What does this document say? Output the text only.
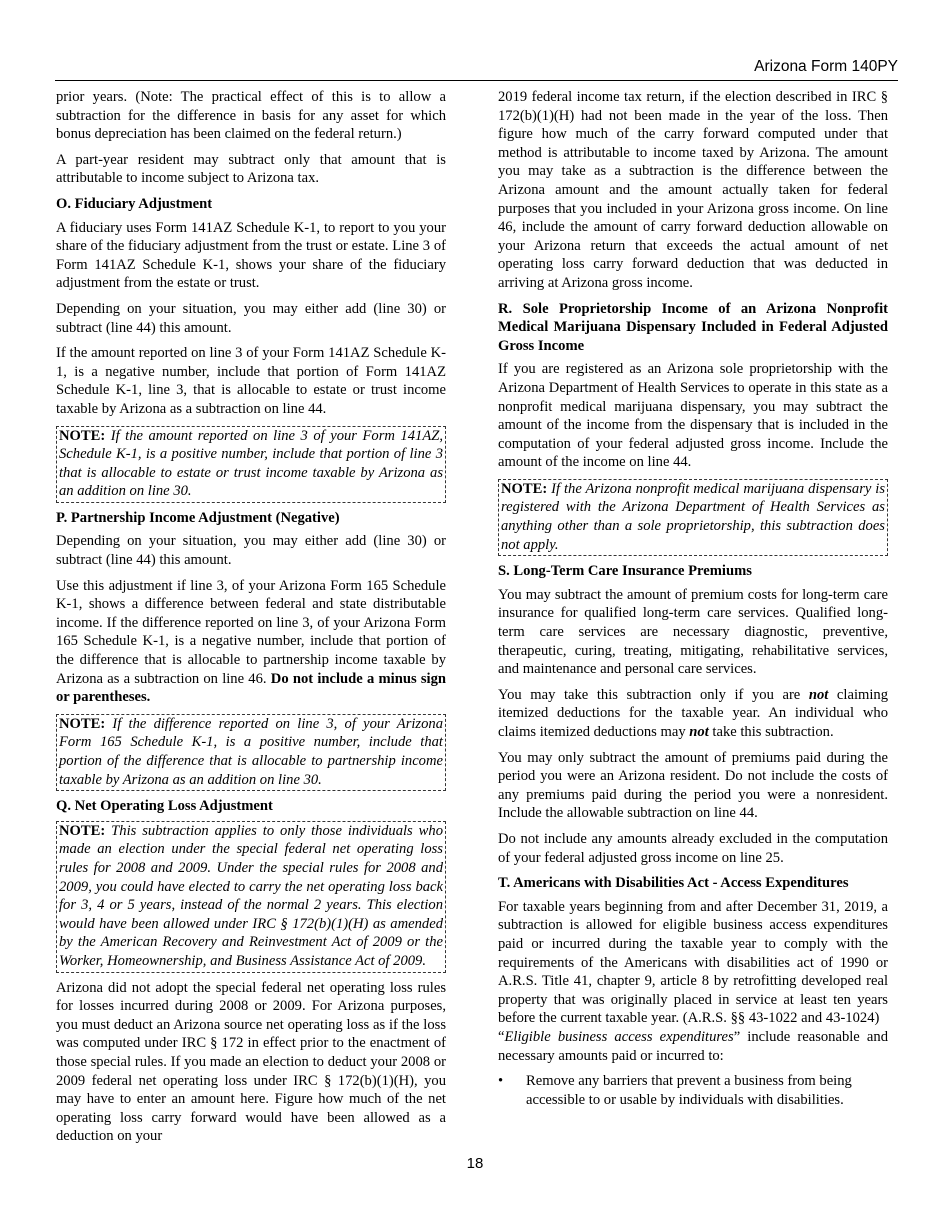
Arizona Form 140PY

prior years. (Note: The practical effect of this is to allow a subtraction for the difference in basis for any asset for which bonus depreciation has been claimed on the federal return.)

A part-year resident may subtract only that amount that is attributable to income subject to Arizona tax.

O. Fiduciary Adjustment

A fiduciary uses Form 141AZ Schedule K-1, to report to you your share of the fiduciary adjustment from the trust or estate. Line 3 of Form 141AZ Schedule K-1, shows your share of the fiduciary adjustment from the estate or trust.

Depending on your situation, you may either add (line 30) or subtract (line 44) this amount.

If the amount reported on line 3 of your Form 141AZ Schedule K-1, is a negative number, include that portion of Form 141AZ Schedule K-1, line 3, that is allocable to estate or trust income taxable by Arizona as a subtraction on line 44.

NOTE: If the amount reported on line 3 of your Form 141AZ, Schedule K-1, is a positive number, include that portion of line 3 that is allocable to estate or trust income taxable by Arizona as an addition on line 30.
P. Partnership Income Adjustment (Negative)

Depending on your situation, you may either add (line 30) or subtract (line 44) this amount.

Use this adjustment if line 3, of your Arizona Form 165 Schedule K-1, shows a difference between federal and state distributable income. If the difference reported on line 3, of your Arizona Form 165 Schedule K-1, is a negative number, include that portion of the difference that is allocable to partnership income taxable by Arizona as a subtraction on line 46. Do not include a minus sign or parentheses.

NOTE: If the difference reported on line 3, of your Arizona Form 165 Schedule K-1, is a positive number, include that portion of the difference that is allocable to partnership income taxable by Arizona as an addition on line 30.
Q. Net Operating Loss Adjustment
NOTE: This subtraction applies to only those individuals who made an election under the special federal net operating loss rules for 2008 and 2009. Under the special rules for 2008 and 2009, you could have elected to carry the net operating loss back for 3, 4 or 5 years, instead of the normal 2 years. This election would have been allowed under IRC § 172(b)(1)(H) as amended by the American Recovery and Reinvestment Act of 2009 or the Worker, Homeownership, and Business Assistance Act of 2009.

Arizona did not adopt the special federal net operating loss rules for losses incurred during 2008 or 2009. For Arizona purposes, you must deduct an Arizona source net operating loss as if the loss was computed under IRC § 172 in effect prior to the enactment of those special rules. If you made an election to deduct your 2008 or 2009 federal net operating loss under IRC § 172(b)(1)(H), you may have to enter an amount here. Figure how much of the net operating loss carry forward would have been allowed as a deduction on your

2019 federal income tax return, if the election described in IRC § 172(b)(1)(H) had not been made in the year of the loss. Then figure how much of the carry forward computed under that method is attributable to income taxed by Arizona. The amount you may take as a subtraction is the difference between the Arizona amount and the amount actually taken for federal purposes that you included in your Arizona gross income. On line 46, include the amount of carry forward deduction allowable on your Arizona return that exceeds the actual amount of net operating loss carry forward deduction that was deducted in arriving at Arizona gross income.

R. Sole Proprietorship Income of an Arizona Nonprofit Medical Marijuana Dispensary Included in Federal Adjusted Gross Income

If you are registered as an Arizona sole proprietorship with the Arizona Department of Health Services to operate in this state as a nonprofit medical marijuana dispensary, you may subtract the amount of the income from the dispensary that is included in the computation of your federal adjusted gross income. Include the amount of the income on line 44.

NOTE: If the Arizona nonprofit medical marijuana dispensary is registered with the Arizona Department of Health Services as anything other than a sole proprietorship, this subtraction does not apply.
S. Long-Term Care Insurance Premiums

You may subtract the amount of premium costs for long-term care insurance for qualified long-term care services. Qualified long-term care services are necessary diagnostic, preventive, therapeutic, curing, treating, mitigating, rehabilitative services, and maintenance and personal care services.

You may take this subtraction only if you are not claiming itemized deductions for the taxable year. An individual who claims itemized deductions may not take this subtraction.

You may only subtract the amount of premiums paid during the period you were an Arizona resident. Do not include the costs of any premiums paid during the period you were a nonresident. Include the allowable subtraction on line 44.

Do not include any amounts already excluded in the computation of your federal adjusted gross income on line 25.

T. Americans with Disabilities Act - Access Expenditures

For taxable years beginning from and after December 31, 2019, a subtraction is allowed for eligible business access expenditures paid or incurred during the taxable year to comply with the requirements of the Americans with disabilities act of 1990 or A.R.S. Title 41, chapter 9, article 8 by retrofitting developed real property that was originally placed in service at least ten years before the current taxable year. (A.R.S. §§ 43-1022 and 43-1024)

“Eligible business access expenditures” include reasonable and necessary amounts paid or incurred to:

•	Remove any barriers that prevent a business from being accessible to or usable by individuals with disabilities.
18
